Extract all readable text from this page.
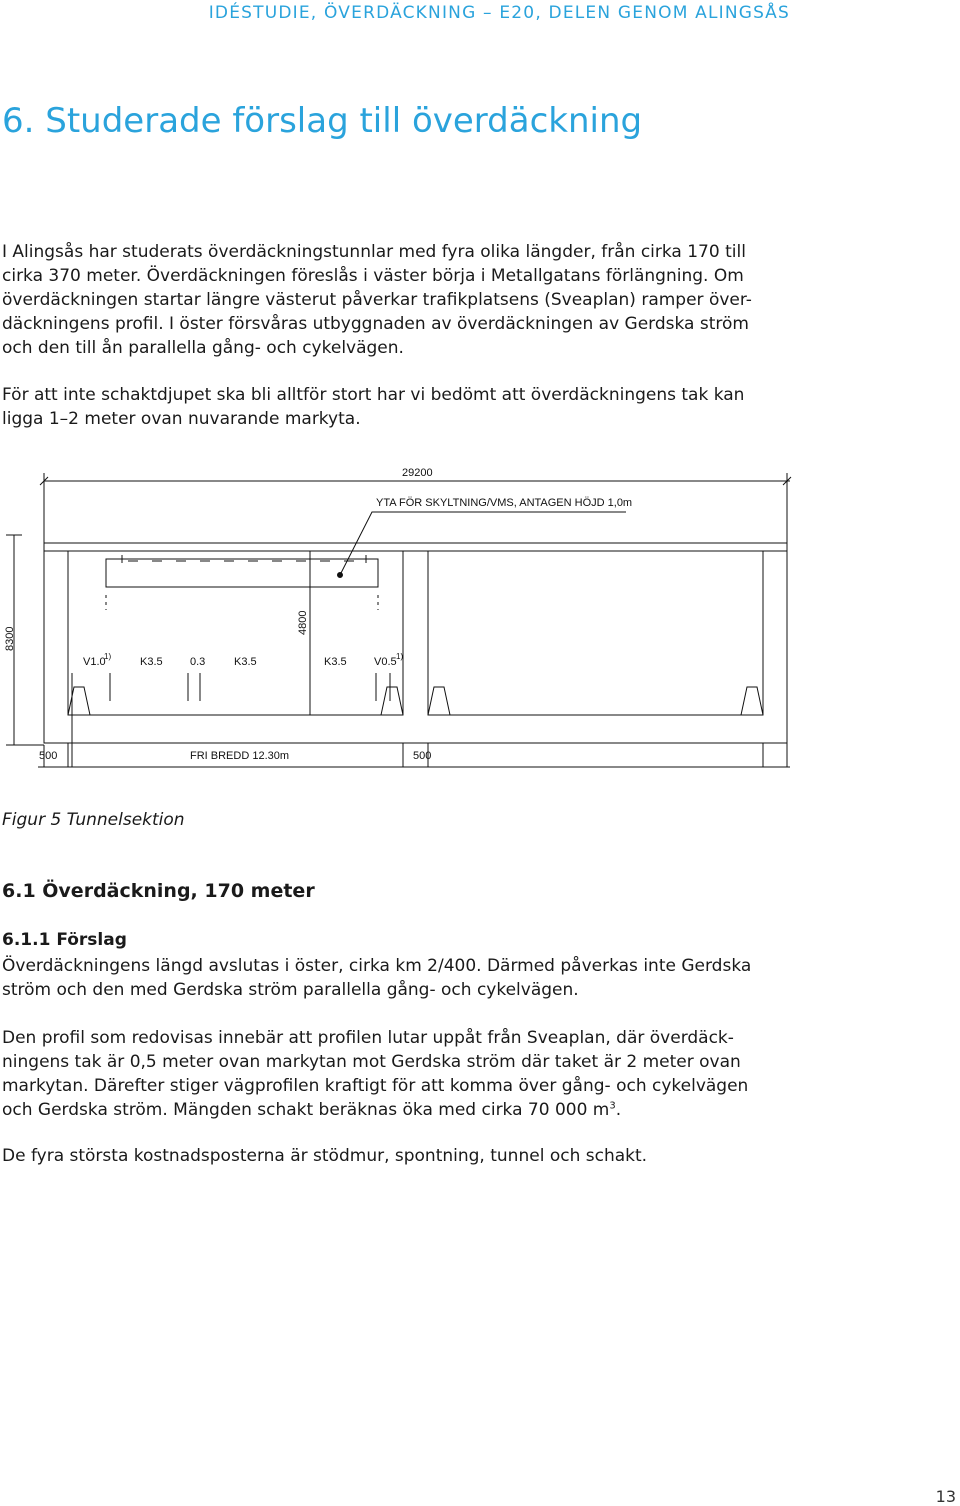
IDÉSTUDIE, ÖVERDÄCKNING – E20, DELEN GENOM ALINGSÅS
6. Studerade förslag till överdäckning
I Alingsås har studerats överdäckningstunnlar med fyra olika längder, från cirka 170 till
cirka 370 meter. Överdäckningen föreslås i väster börja i Metallgatans förlängning. Om
överdäckningen startar längre västerut påverkar trafikplatsens (Sveaplan) ramper över-
däckningens profil. I öster försvåras utbyggnaden av överdäckningen av Gerdska ström
och den till ån parallella gång- och cykelvägen.
För att inte schaktdjupet ska bli alltför stort har vi bedömt att överdäckningens tak kan
ligga 1–2 meter ovan nuvarande markyta.
29200
YTA FÖR SKYLTNING/VMS, ANTAGEN HÖJD 1,0m
8300
4800
V1.0
1)	K3.5 0.3	K3.5	K3.5 V0.5 1)
500	FRI BREDD 12.30m	500
Figur 5 Tunnelsektion
6.1 Överdäckning, 170 meter
6.1.1 Förslag
Överdäckningens längd avslutas i öster, cirka km 2/400. Därmed påverkas inte Gerdska
ström och den med Gerdska ström parallella gång- och cykelvägen.
Den profil som redovisas innebär att profilen lutar uppåt från Sveaplan, där överdäck-
ningens tak är 0,5 meter ovan markytan mot Gerdska ström där taket är 2 meter ovan
markytan. Därefter stiger vägprofilen kraftigt för att komma över gång- och cykelvägen
och Gerdska ström. Mängden schakt beräknas öka med cirka 70 000 $m^3$.
De fyra största kostnadsposterna är stödmur, spontning, tunnel och schakt.
13
